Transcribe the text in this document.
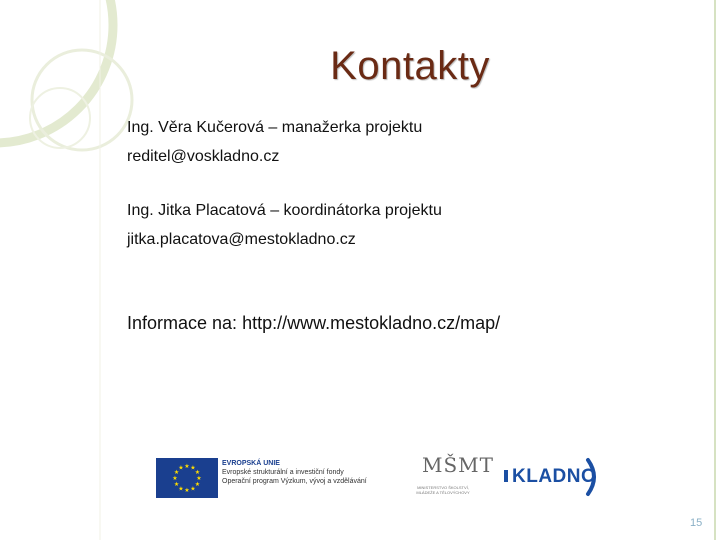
Kontakty
Ing. Věra Kučerová – manažerka projektu
reditel@voskladno.cz
Ing. Jitka Placatová – koordinátorka projektu
jitka.placatova@mestokladno.cz
Informace na: http://www.mestokladno.cz/map/
★ ★
★
★
★
★
★
★
★
★
★
★
EVROPSKÁ UNIE
Evropské strukturální a investiční fondy
Operační program Výzkum, vývoj a vzdělávání
MŠMT
MINISTERSTVO ŠKOLSTVÍ,
MLÁDEŽE A TĚLOVÝCHOVY
KLADNO
15
